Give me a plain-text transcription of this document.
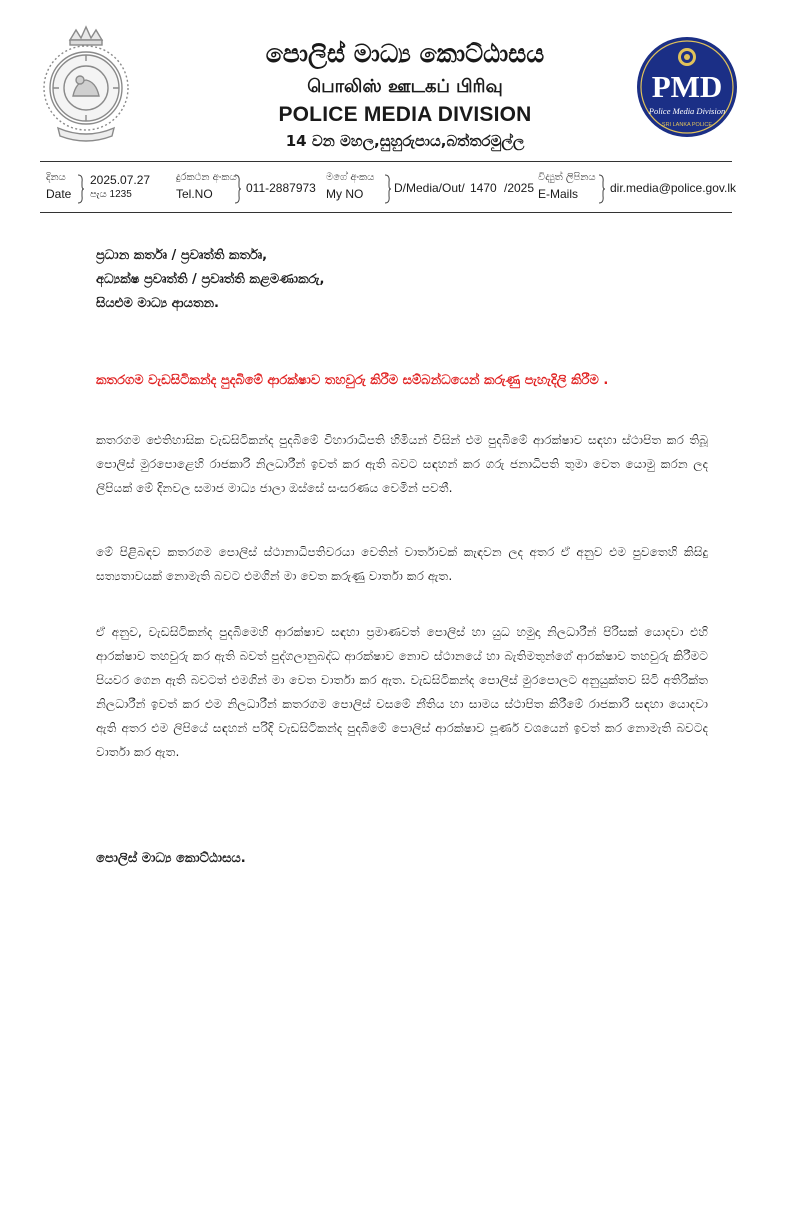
පොලිස් මාධ්‍ය කොට්ඨාසය
பொலிஸ் ஊடகப் பிரிவு
POLICE MEDIA DIVISION
14 වන මහල,සුහුරුපාය,බත්තරමුල්ල
PMD
Police Media Division
SRI LANKA POLICE
දිනය
Date
2025.07.27
පැය 1235
දුරකථන අංකය
Tel.NO	011-2887973
මගේ අංකය
My NO	D/Media/Out/ 1470 /2025
විද්‍යුත් ලිපිනය
E-Mails	dir.media@police.gov.lk
ප්‍රධාන කර්තෘ / ප්‍රවෘත්ති කර්තෘ,
අධ්‍යක්ෂ ප්‍රවෘත්ති / ප්‍රවෘත්ති කළමණාකරු,
සියළුම මාධ්‍ය ආයතන.
කතරගම වැඩසිටිකන්ද පුදබිමේ ආරක්ෂාව තහවුරු කිරීම සම්බන්ධයෙන් කරුණු පැහැදිලි කිරීම .
කතරගම ඓතිහාසික වැඩසිටිකන්ද පුදබිමේ විහාරාධිපති හිමියන් විසින් එම පුදබිමේ ආරක්ෂාව සඳහා ස්ථාපිත කර තිබූ පොලිස් මුරපොළෙහි රාජකාරි නිලධාරීන් ඉවත් කර ඇති බවට සඳහන් කර ගරු ජනාධිපති තුමා වෙත යොමු කරන ලද ලිපියක් මේ දිනවල සමාජ මාධ්‍ය ජාලා ඔස්සේ සංසරණය වෙමින් පවතී.
මේ පිළිබඳව කතරගම පොලිස් ස්ථානාධිපතිවරයා වෙතින් වාර්තාවක් කැඳවන ලද අතර ඒ අනුව එම පුවතෙහි කිසිදු සත්‍යතාවයක් නොමැති බවට එමගින් මා වෙත කරුණු වාර්තා කර ඇත.
ඒ අනුව, වැඩසිටිකන්ද පුදබිමෙහි ආරක්ෂාව සඳහා ප්‍රමාණවත් පොලිස් හා යුධ හමුදා නිලධාරීන් පිරිසක් යොදවා එහි ආරක්ෂාව තහවුරු කර ඇති බවත් පුද්ගලානුබද්ධ ආරක්ෂාව නොව ස්ථානයේ හා බැතිමතුන්ගේ ආරක්ෂාව තහවුරු කිරීමට පියවර ගෙන ඇති බවටත් එමගින් මා වෙත වාර්තා කර ඇත. වැඩසිටිකන්ද පොලිස් මුරපොලට අනුයුක්තව සිටි අතිරික්ත නිලධාරීන් ඉවත් කර එම නිලධාරීන් කතරගම පොලිස් වසමේ නීතිය හා සාමය ස්ථාපිත කිරීමේ රාජකාරි සඳහා යොදවා ඇති අතර එම ලිපියේ සඳහන් පරිදි වැඩසිටිකන්ද පුදබිමේ පොලිස් ආරක්ෂාව පූර්ණ වශයෙන් ඉවත් කර නොමැති බවටද වාර්තා කර ඇත.
පොලිස් මාධ්‍ය කොට්ඨාසය.
